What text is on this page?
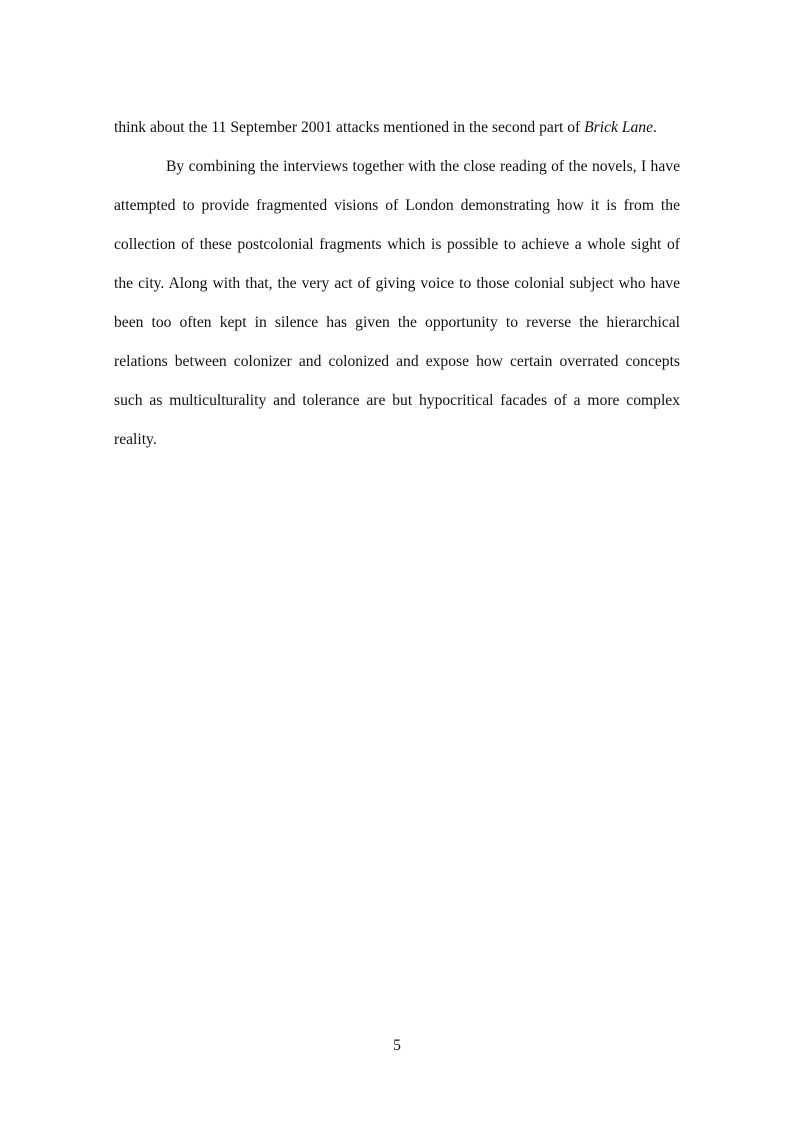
think about the 11 September 2001 attacks mentioned in the second part of Brick Lane.

By combining the interviews together with the close reading of the novels, I have attempted to provide fragmented visions of London demonstrating how it is from the collection of these postcolonial fragments which is possible to achieve a whole sight of the city. Along with that, the very act of giving voice to those colonial subject who have been too often kept in silence has given the opportunity to reverse the hierarchical relations between colonizer and colonized and expose how certain overrated concepts such as multiculturality and tolerance are but hypocritical facades of a more complex reality.

5
